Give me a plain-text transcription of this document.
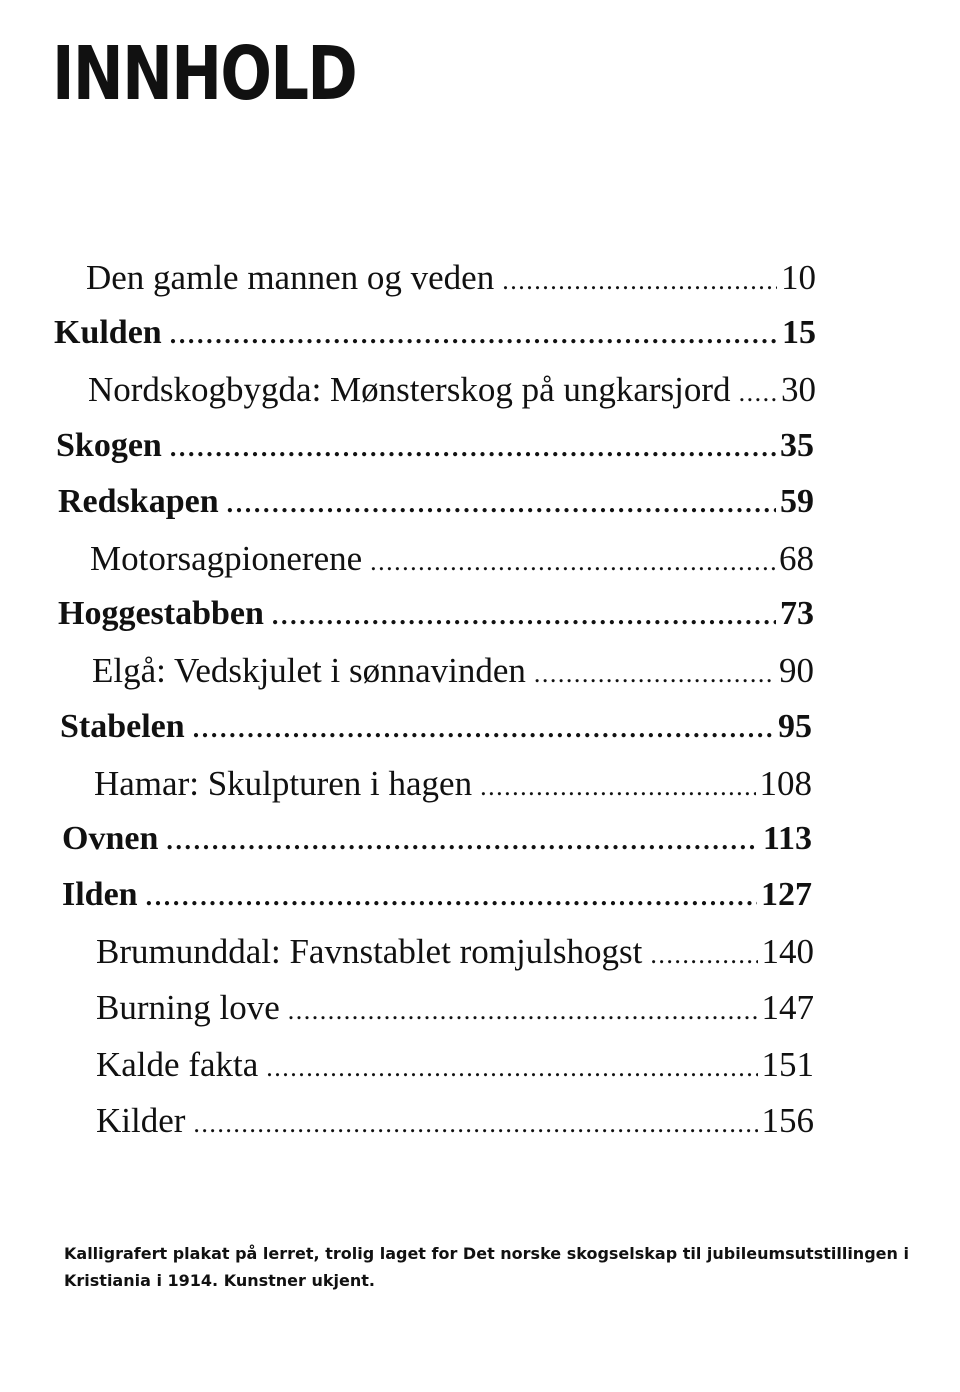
INNHOLD
Den gamle mannen og veden .....	10
Kulden .....	15
Nordskogbygda: Mønsterskog på ungkarsjord ..... 30
Skogen .....	35
Redskapen .....	59
Motorsagpionerene .....	68
Hoggestabben .....	73
Elgå: Vedskjulet i sønnavinden .....	90
Stabelen .....	95
Hamar: Skulpturen i hagen .....	108
Ovnen .....	113
Ilden .....	127
Brumunddal: Favnstablet romjulshogst .....	140
Burning love .....	147
Kalde fakta .....	151
Kilder .....	156

Kalligrafert plakat på lerret, trolig laget for Det norske skogselskap til jubileumsutstillingen i Kristiania i 1914. Kunstner ukjent.
